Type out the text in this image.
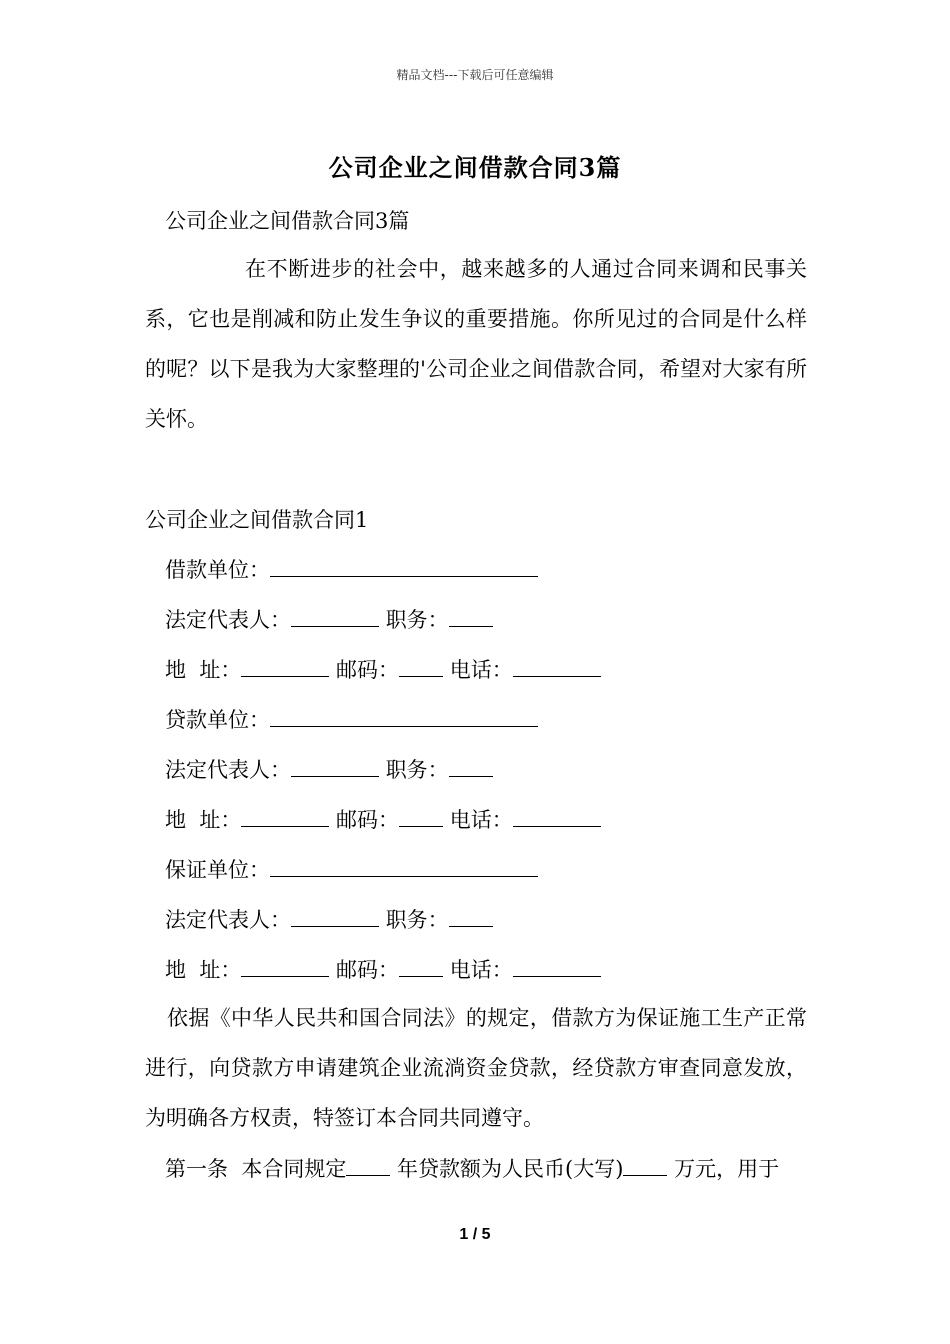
精品文档---下载后可任意编辑
公司企业之间借款合同3篇
公司企业之间借款合同3篇
在不断进步的社会中，越来越多的人通过合同来调和民事关系，它也是削减和防止发生争议的重要措施。你所见过的合同是什么样的呢？以下是我为大家整理的'公司企业之间借款合同，希望对大家有所关怀。
公司企业之间借款合同1
借款单位：
法定代表人：	职务：
地  址：	邮码： 电话：
贷款单位：
法定代表人：	职务：
地  址：	邮码： 电话：
保证单位：
法定代表人：	职务：
地  址：	邮码： 电话：
依据《中华人民共和国合同法》的规定，借款方为保证施工生产正常进行，向贷款方申请建筑企业流淌资金贷款，经贷款方审查同意发放，为明确各方权责，特签订本合同共同遵守。
第一条 本合同规定 年贷款额为人民币(大写) 万元，用于
1 / 5
